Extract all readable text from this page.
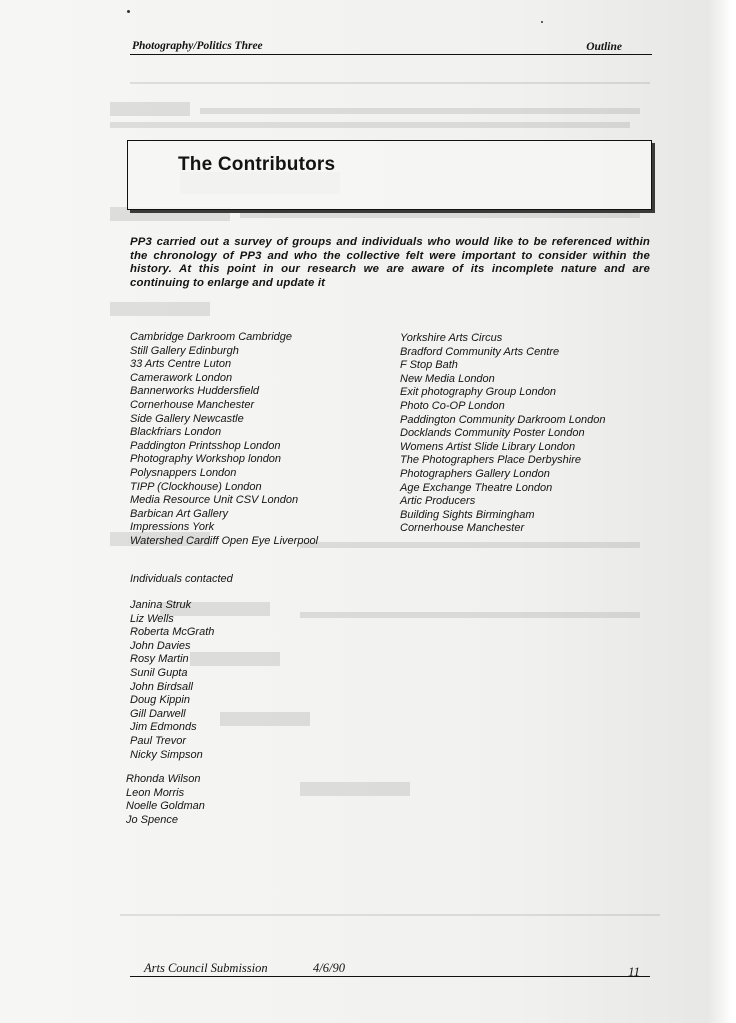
Photography/Politics Three	Outline
The Contributors

PP3 carried out a survey of groups and individuals who would like to be referenced within the chronology of PP3 and who the collective felt were important to consider within the history. At this point in our research we are aware of its incomplete nature and are continuing to enlarge and update it

Cambridge Darkroom Cambridge
Still Gallery Edinburgh
33 Arts Centre Luton
Camerawork London
Bannerworks Huddersfield
Cornerhouse Manchester
Side Gallery Newcastle
Blackfriars London
Paddington Printsshop London
Photography Workshop london
Polysnappers London
TIPP (Clockhouse) London
Media Resource Unit CSV London
Barbican Art Gallery
Impressions York
Watershed Cardiff Open Eye Liverpool
Yorkshire Arts Circus
Bradford Community Arts Centre
F Stop Bath
New Media London
Exit photography Group London
Photo Co-OP London
Paddington Community Darkroom London
Docklands Community Poster London
Womens Artist Slide Library London
The Photographers Place Derbyshire
Photographers Gallery London
Age Exchange Theatre London
Artic Producers
Building Sights Birmingham
Cornerhouse Manchester
Individuals contacted
Janina Struk
Liz Wells
Roberta McGrath
John Davies
Rosy Martin
Sunil Gupta
John Birdsall
Doug Kippin
Gill Darwell
Jim Edmonds
Paul Trevor
Nicky Simpson
Rhonda Wilson
Leon Morris
Noelle Goldman
Jo Spence
Arts Council Submission	4/6/90	11
